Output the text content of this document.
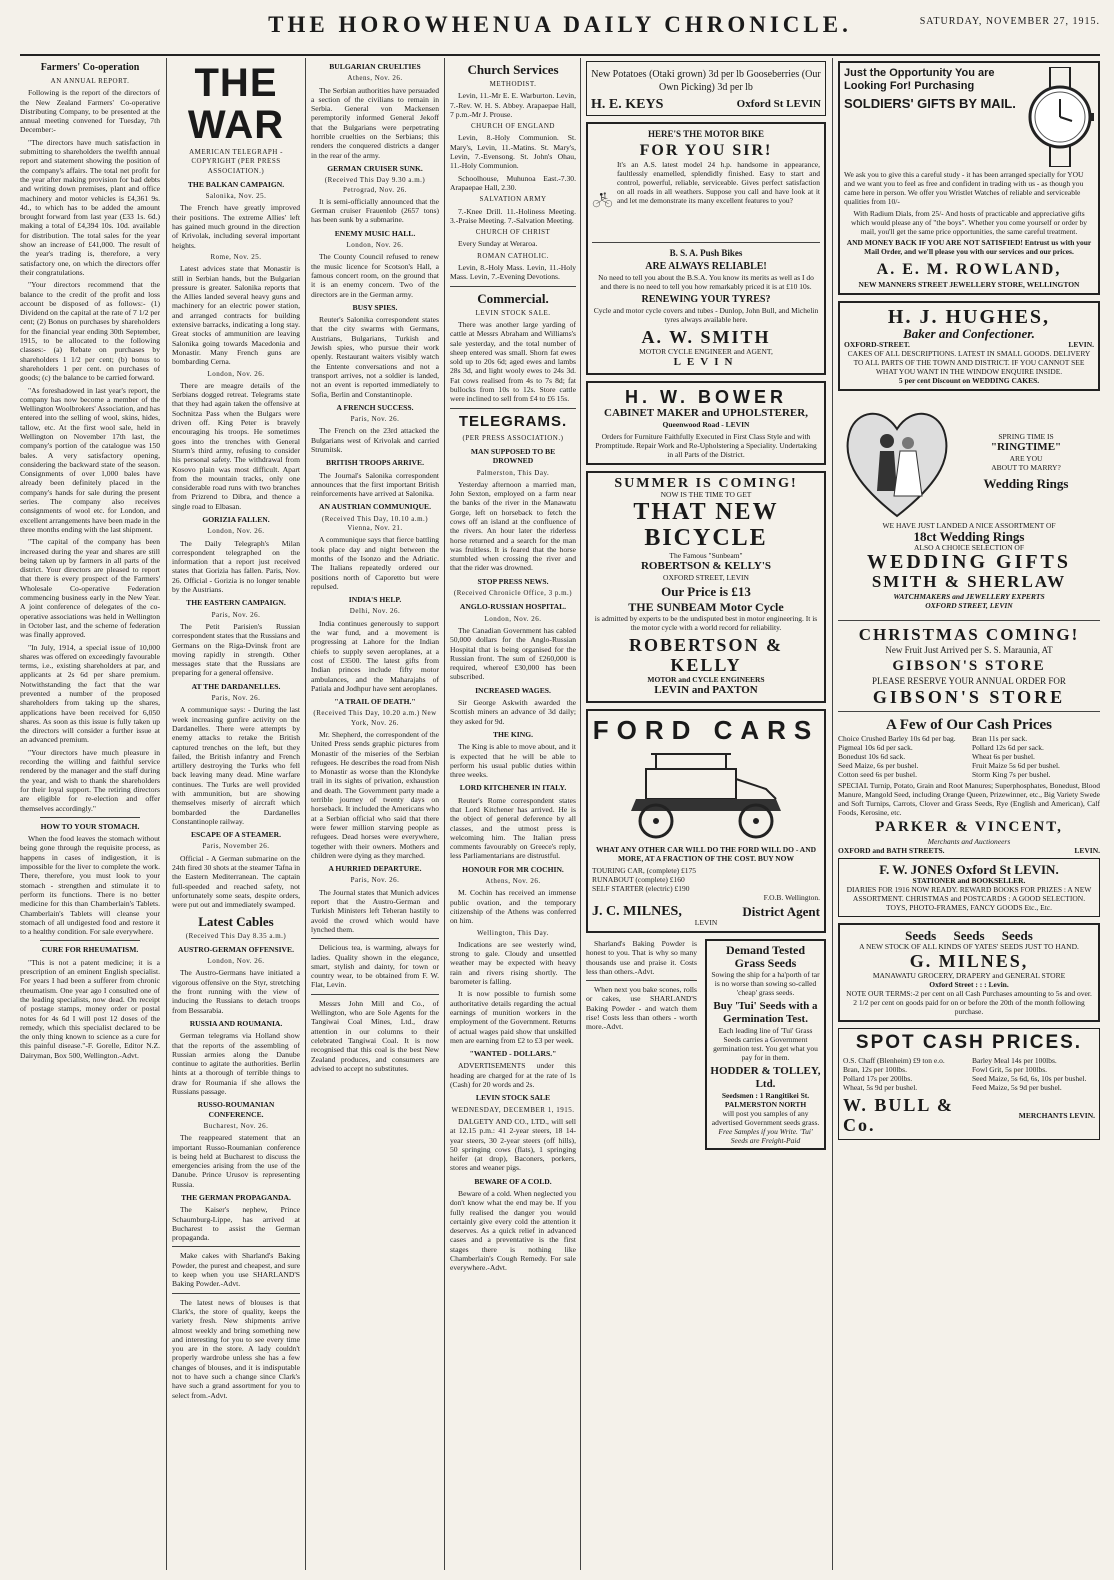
THE HOROWHENUA DAILY CHRONICLE.	SATURDAY, NOVEMBER 27, 1915.
Farmers' Co-operation
AN ANNUAL REPORT.

Following is the report of the directors of the New Zealand Farmers' Co-operative Distributing Company, to be presented at the annual meeting convened for Tuesday, 7th December:-

"The directors have much satisfaction in submitting to shareholders the twelfth annual report and statement showing the position of the company's affairs. The total net profit for the year after making provision for bad debts and writing down premises, plant and office machinery and motor vehicles is £4,361 9s. 4d., to which has to be added the amount brought forward from last year (£33 1s. 6d.) making a total of £4,394 10s. 10d. available for distribution. The total sales for the year show an increase of £41,000. The result of the year's trading is, therefore, a very satisfactory one, on which the directors offer their congratulations.

"Your directors recommend that the balance to the credit of the profit and loss account be disposed of as follows:- (1) Dividend on the capital at the rate of 7 1/2 per cent; (2) Bonus on purchases by shareholders for the financial year ending 30th September, 1915, to be allocated to the following classes:- (a) Rebate on purchases by shareholders 1 1/2 per cent; (b) bonus to shareholders 1 per cent. on purchases of goods; (c) the balance to be carried forward.

"As foreshadowed in last year's report, the company has now become a member of the Wellington Woolbrokers' Association, and has entered into the selling of wool, skins, hides, tallow, etc. At the first wool sale, held in Wellington on November 17th last, the company's portion of the catalogue was 150 bales. A very satisfactory opening, considering the backward state of the season. Consignments of over 1,000 bales have already been definitely placed in the company's hands for sale during the present series. The company also receives consignments of wool etc. for London, and excellent arrangements have been made in the three months ending with the last shipment.

"The capital of the company has been increased during the year and shares are still being taken up by farmers in all parts of the district. Your directors are pleased to report that there is every prospect of the Farmers' Wholesale Co-operative Federation commencing business early in the New Year. A joint conference of delegates of the co-operative associations was held in Wellington in October last, and the scheme of federation was finally approved.

"In July, 1914, a special issue of 10,000 shares was offered on exceedingly favourable terms, i.e., existing shareholders at par, and applicants at 2s 6d per share premium. Notwithstanding the fact that the war prevented a number of the proposed shareholders from taking up the shares, applications have been received for 6,050 shares. As soon as this issue is fully taken up the directors will consider a further issue at an advanced premium.

"Your directors have much pleasure in recording the willing and faithful service rendered by the manager and the staff during the year, and wish to thank the shareholders for their loyal support. The retiring directors are eligible for re-election and offer themselves accordingly."

HOW TO YOUR STOMACH.

When the food leaves the stomach without being gone through the requisite process, as happens in cases of indigestion, it is impossible for the liver to complete the work. There, therefore, you must look to your stomach - strengthen and stimulate it to perform its functions. There is no better medicine for this than Chamberlain's Tablets. Chamberlain's Tablets will cleanse your stomach of all undigested food and restore it to a healthy condition. For sale everywhere.

CURE FOR RHEUMATISM.

"This is not a patent medicine; it is a prescription of an eminent English specialist. For years I had been a sufferer from chronic rheumatism. One year ago I consulted one of the leading specialists, now dead. On receipt of postage stamps, money order or postal notes for 4s 6d I will post 12 doses of the remedy, which this specialist declared to be the only thing known to science as a cure for this painful disease."-F. Gorelle, Editor N.Z. Dairyman, Box 500, Wellington.-Advt.

THE WAR
AMERICAN TELEGRAPH - COPYRIGHT (PER PRESS ASSOCIATION.)
THE BALKAN CAMPAIGN.
Salonika, Nov. 25.

The French have greatly improved their positions. The extreme Allies' left has gained much ground in the direction of Krivolak, including several important heights.

Rome, Nov. 25.

Latest advices state that Monastir is still in Serbian hands, but the Bulgarian pressure is greater. Salonika reports that the Allies landed several heavy guns and machinery for an electric power station, and arranged contracts for building extensive barracks, indicating a long stay. Great stocks of ammunition are leaving Salonika going towards Macedonia and Monastir. Many French guns are bombarding Cerna.

London, Nov. 26.

There are meagre details of the Serbians dogged retreat. Telegrams state that they had again taken the offensive at Sochnitza Pass when the Bulgars were driven off. King Peter is bravely encouraging his troops. He sometimes goes into the trenches with General Sturm's third army, refusing to consider his personal safety. The withdrawal from Kosovo plain was most difficult. Apart from the mountain tracks, only one considerable road runs with two branches from Prizrend to Dibra, and thence a single road to Elbasan.

GORIZIA FALLEN.
London, Nov. 26.

The Daily Telegraph's Milan correspondent telegraphed on the information that a report just received states that Gorizia has fallen. Paris, Nov. 26. Official - Gorizia is no longer tenable by the Austrians.

THE EASTERN CAMPAIGN.
Paris, Nov. 26.

The Petit Parisien's Russian correspondent states that the Russians and Germans on the Riga-Dvinsk front are moving rapidly in strength. Other messages state that the Russians are preparing for a general offensive.

AT THE DARDANELLES.
Paris, Nov. 26.

A communique says: - During the last week increasing gunfire activity on the Dardanelles. There were attempts by enemy attacks to retake the British captured trenches on the left, but they failed, the British infantry and French artillery destroying the Turks who fell back leaving many dead. Mine warfare continues. The Turks are well provided with ammunition, but are showing themselves miserly of aircraft which bombarded the Dardanelles Constantinople railway.

ESCAPE OF A STEAMER.
Paris, November 26.

Official - A German submarine on the 24th fired 30 shots at the steamer Tafna in the Eastern Mediterranean. The captain full-speeded and reached safety, not unfortunately some seats, despite orders, were put out and immediately swamped.

Latest Cables
(Received This Day 8.35 a.m.)
AUSTRO-GERMAN OFFENSIVE.
London, Nov. 26.

The Austro-Germans have initiated a vigorous offensive on the Styr, stretching the front running with the view of inducing the Russians to detach troops from Bessarabia.

RUSSIA AND ROUMANIA.

German telegrams via Holland show that the reports of the assembling of Russian armies along the Danube continue to agitate the authorities. Berlin hints at a thorough of terrible things to draw for Roumania if she allows the Russians passage.

RUSSO-ROUMANIAN CONFERENCE.
Bucharest, Nov. 26.

The reappeared statement that an important Russo-Roumanian conference is being held at Bucharest to discuss the emergencies arising from the use of the Danube. Prince Urusov is representing Russia.

THE GERMAN PROPAGANDA.

The Kaiser's nephew, Prince Schaumburg-Lippe, has arrived at Bucharest to assist the German propaganda.

Make cakes with Sharland's Baking Powder, the purest and cheapest, and sure to keep when you use SHARLAND'S Baking Powder.-Advt.

The latest news of blouses is that Clark's, the store of quality, keeps the variety fresh. New shipments arrive almost weekly and bring something new and interesting for you to see every time you are in the store. A lady couldn't properly wardrobe unless she has a few changes of blouses, and it is indisputable not to have such a change since Clark's have such a grand assortment for you to select from.-Advt.

BULGARIAN CRUELTIES
Athens, Nov. 26.

The Serbian authorities have persuaded a section of the civilians to remain in Serbia. General von Mackensen peremptorily informed General Jekoff that the Bulgarians were perpetrating horrible cruelties on the Serbians; this renders the conquered districts a danger in the rear of the army.

GERMAN CRUISER SUNK.
(Received This Day 9.30 a.m.) Petrograd, Nov. 26.

It is semi-officially announced that the German cruiser Frauenlob (2657 tons) has been sunk by a submarine.

ENEMY MUSIC HALL.
London, Nov. 26.

The County Council refused to renew the music licence for Scotson's Hall, a famous concert room, on the ground that it is an enemy concern. Two of the directors are in the German army.

BUSY SPIES.

Reuter's Salonika correspondent states that the city swarms with Germans, Austrians, Bulgarians, Turkish and Jewish spies, who pursue their work openly. Restaurant waiters visibly watch the Entente conversations and not a transport arrives, not a soldier is landed, not an event is reported immediately to Sofia, Berlin and Constantinople.

A FRENCH SUCCESS.
Paris, Nov. 26.

The French on the 23rd attacked the Bulgarians west of Krivolak and carried Strumitsk.

BRITISH TROOPS ARRIVE.

The Journal's Salonika correspondent announces that the first important British reinforcements have arrived at Salonika.

AN AUSTRIAN COMMUNIQUE.
(Received This Day, 10.10 a.m.) Vienna, Nov. 21.

A communique says that fierce battling took place day and night between the months of the Isonzo and the Adriatic. The Italians repeatedly ordered our positions north of Caporetto but were repulsed.

INDIA'S HELP.
Delhi, Nov. 26.

India continues generously to support the war fund, and a movement is progressing at Lahore for the Indian chiefs to supply seven aeroplanes, at a cost of £3500. The latest gifts from Indian princes include fifty motor ambulances, and the Maharajahs of Patiala and Jodhpur have sent aeroplanes.

"A TRAIL OF DEATH."
(Received This Day, 10.20 a.m.) New York, Nov. 26.

Mr. Shepherd, the correspondent of the United Press sends graphic pictures from Monastir of the miseries of the Serbian refugees. He describes the road from Nish to Monastir as worse than the Klondyke trail in its sights of privation, exhaustion and death. The Government party made a terrible journey of twenty days on horseback. It included the Americans who at a Serbian official who said that there were fewer million starving people as refugees. Dead horses were everywhere, together with their owners. Mothers and children were dying as they marched.

A HURRIED DEPARTURE.
Paris, Nov. 26.

The Journal states that Munich advices report that the Austro-German and Turkish Ministers left Teheran hastily to avoid the crowd which would have lynched them.

Delicious tea, is warming, always for ladies. Quality shown in the elegance, smart, stylish and dainty, for town or country wear, to be obtained from F. W. Flat, Levin.

Messrs John Mill and Co., of Wellington, who are Sole Agents for the Tangiwai Coal Mines, Ltd., draw attention in our columns to their celebrated Tangiwai Coal. It is now recognised that this coal is the best New Zealand produces, and consumers are advised to accept no substitutes.

Church Services
METHODIST.

Levin, 11.-Mr E. E. Warburton. Levin, 7.-Rev. W. H. S. Abbey. Arapaepae Hall, 7 p.m.-Mr J. Prouse.

CHURCH OF ENGLAND

Levin, 8.-Holy Communion. St. Mary's, Levin, 11.-Matins. St. Mary's, Levin, 7.-Evensong. St. John's Ohau, 11.-Holy Communion.

Schoolhouse, Muhunoa East.-7.30. Arapaepae Hall, 2.30.

SALVATION ARMY

7.-Knee Drill. 11.-Holiness Meeting. 3.-Praise Meeting. 7.-Salvation Meeting.

CHURCH OF CHRIST

Every Sunday at Weraroa.

ROMAN CATHOLIC.

Levin, 8.-Holy Mass. Levin, 11.-Holy Mass. Levin, 7.-Evening Devotions.

Commercial.
LEVIN STOCK SALE.

There was another large yarding of cattle at Messrs Abraham and Williams's sale yesterday, and the total number of sheep entered was small. Shorn fat ewes sold up to 20s 6d; aged ewes and lambs 28s 3d, and light wooly ewes to 24s 3d. Fat cows realised from 4s to 7s 8d; fat bullocks from 10s to 12s. Store cattle were inclined to sell from £4 to £6 15s.

TELEGRAMS.
(PER PRESS ASSOCIATION.)
MAN SUPPOSED TO BE DROWNED
Palmerston, This Day.

Yesterday afternoon a married man, John Sexton, employed on a farm near the banks of the river in the Manawatu Gorge, left on horseback to fetch the cows off an island at the confluence of the rivers. An hour later the riderless horse returned and a search for the man was fruitless. It is feared that the horse stumbled when crossing the river and that the rider was drowned.

STOP PRESS NEWS.
(Received Chronicle Office, 3 p.m.)
ANGLO-RUSSIAN HOSPITAL.
London, Nov. 26.

The Canadian Government has cabled 50,000 dollars for the Anglo-Russian Hospital that is being organised for the Russian front. The sum of £260,000 is required, whereof £30,000 has been subscribed.

INCREASED WAGES.

Sir George Askwith awarded the Scottish miners an advance of 3d daily; they asked for 9d.

THE KING.

The King is able to move about, and it is expected that he will be able to perform his usual public duties within three weeks.

LORD KITCHENER IN ITALY.

Reuter's Rome correspondent states that Lord Kitchener has arrived. He is the object of general deference by all classes, and the utmost press is welcoming him. The Italian press comments favourably on Greece's reply, less Parliamentarians are distrustful.

HONOUR FOR MR COCHIN.
Athens, Nov. 26.

M. Cochin has received an immense public ovation, and the temporary citizenship of the Athens was conferred on him.

Wellington, This Day.

Indications are see westerly wind, strong to gale. Cloudy and unsettled weather may be expected with heavy rain and rivers rising shortly. The barometer is falling.

It is now possible to furnish some authoritative details regarding the actual earnings of munition workers in the employment of the Government. Returns of actual wages paid show that unskilled men are earning from £2 to £3 per week.

"WANTED - DOLLARS."

ADVERTISEMENTS under this heading are charged for at the rate of 1s (Cash) for 20 words and 2s.

LEVIN STOCK SALE
WEDNESDAY, DECEMBER 1, 1915.

DALGETY AND CO., LTD., will sell at 12.15 p.m.: 41 2-year steers, 18 14-year steers, 30 2-year steers (off hills), 50 springing cows (flats), 1 springing heifer (at drop), Baconers, porkers, stores and weaner pigs.

BEWARE OF A COLD.

Beware of a cold. When neglected you don't know what the end may be. If you fully realised the danger you would certainly give every cold the attention it deserves. As a quick relief in advanced cases and a preventative is the first stages there is nothing like Chamberlain's Cough Remedy. For sale everywhere.-Advt.

New Potatoes (Otaki grown) 3d per lb Gooseberries (Our Own Picking) 3d per lb
H. E. KEYS	Oxford St LEVIN
HERE'S THE MOTOR BIKE
FOR YOU SIR!
It's an A.S. latest model 24 h.p. handsome in appearance, faultlessly enamelled, splendidly finished. Easy to start and control, powerful, reliable, serviceable. Gives perfect satisfaction on all roads in all weathers. Suppose you call and have look at it and let me demonstrate its many excellent features to you?
B. S. A. Push Bikes
ARE ALWAYS RELIABLE!
No need to tell you about the B.S.A. You know its merits as well as I do and there is no need to tell you how remarkably priced it is at £10 10s.
RENEWING YOUR TYRES?
Cycle and motor cycle covers and tubes - Dunlop, John Bull, and Michelin tyres always available here.
A. W. SMITH
MOTOR CYCLE ENGINEER and AGENT,
LEVIN
H. W. BOWER
CABINET MAKER and UPHOLSTERER,
Queenwood Road - LEVIN
Orders for Furniture Faithfully Executed in First Class Style and with Promptitude. Repair Work and Re-Upholstering a Speciality. Undertaking in all Parts of the District.
SUMMER IS COMING!
NOW IS THE TIME TO GET
THAT NEW BICYCLE
The Famous "Sunbeam"
ROBERTSON & KELLY'S
OXFORD STREET, LEVIN
Our Price is £13
THE SUNBEAM Motor Cycle
is admitted by experts to be the undisputed best in motor engineering. It is the motor cycle with a world record for reliability.
ROBERTSON & KELLY
MOTOR and CYCLE ENGINEERS
LEVIN and PAXTON
FORD CARS
WHAT ANY OTHER CAR WILL DO THE FORD WILL DO - AND MORE, AT A FRACTION OF THE COST. BUY NOW
TOURING CAR, (complete) £175
RUNABOUT (complete) £160
SELF STARTER (electric) £190
F.O.B. Wellington.
J. C. MILNES,	District Agent
LEVIN

Sharland's Baking Powder is honest to you. That is why so many thousands use and praise it. Costs less than others.-Advt.

When next you bake scones, rolls or cakes, use SHARLAND'S Baking Powder - and watch them rise! Costs less than others - worth more.-Advt.

Demand Tested Grass Seeds
Sowing the ship for a ha'porth of tar is no worse than sowing so-called 'cheap' grass seeds.
Buy 'Tui' Seeds with a Germination Test.
Each leading line of 'Tui' Grass Seeds carries a Government germination test. You get what you pay for in them.
HODDER & TOLLEY, Ltd.
Seedsmen : 1 Rangitikei St. PALMERSTON NORTH
will post you samples of any advertised Government seeds grass.
Free Samples if you Write. 'Tui' Seeds are Freight-Paid
Just the Opportunity You are Looking For! Purchasing
SOLDIERS' GIFTS BY MAIL.
We ask you to give this a careful study - it has been arranged specially for YOU and we want you to feel as free and confident in trading with us - as though you came here in person. We offer you Wristlet Watches of reliable and serviceable qualities from 10/-
With Radium Dials, from 25/- And hosts of practicable and appreciative gifts which would please any of "the boys". Whether you come yourself or order by mail, you'll get the same price opportunities, the same careful treatment.
AND MONEY BACK IF YOU ARE NOT SATISFIED! Entrust us with your Mail Order, and we'll please you with our services and our prices.
A. E. M. ROWLAND,
NEW MANNERS STREET JEWELLERY STORE, WELLINGTON
H. J. HUGHES,
Baker and Confectioner.
OXFORD-STREET.	LEVIN.
CAKES OF ALL DESCRIPTIONS. LATEST IN SMALL GOODS. DELIVERY TO ALL PARTS OF THE TOWN AND DISTRICT. IF YOU CANNOT SEE WHAT YOU WANT IN THE WINDOW ENQUIRE INSIDE.
5 per cent Discount on WEDDING CAKES.
SPRING TIME IS
"RINGTIME"
ARE YOU
ABOUT TO MARRY?
Wedding Rings
WE HAVE JUST LANDED A NICE ASSORTMENT OF
18ct Wedding Rings
ALSO A CHOICE SELECTION OF
WEDDING GIFTS
SMITH & SHERLAW
WATCHMAKERS and JEWELLERY EXPERTS
OXFORD STREET, LEVIN
CHRISTMAS COMING!
New Fruit Just Arrived per S. S. Maraunia, AT
GIBSON'S STORE
PLEASE RESERVE YOUR ANNUAL ORDER FOR
GIBSON'S STORE
A Few of Our Cash Prices
Choice Crushed Barley 10s 6d per bag.
Pigmeal 10s 6d per sack.
Bonedust 10s 6d sack.
Seed Maize, 6s per bushel.
Cotton seed 6s per bushel.
Bran 11s per sack.
Pollard 12s 6d per sack.
Wheat 6s per bushel.
Fruit Maize 5s 6d per bushel.
Storm King 7s per bushel.
SPECIAL Turnip, Potato, Grain and Root Manures; Superphosphates, Bonedust, Blood Manure, Mangold Seed, including Orange Queen, Prizewinner, etc., Big Variety Swede and Soft Turnips, Carrots, Clover and Grass Seeds, Rye (English and American), Calf Foods, Kerosine, etc.
PARKER & VINCENT,
Merchants and Auctioneers
OXFORD and BATH STREETS.	LEVIN.
F. W. JONES Oxford St LEVIN.
STATIONER and BOOKSELLER.
DIARIES FOR 1916 NOW READY. REWARD BOOKS FOR PRIZES : A NEW ASSORTMENT. CHRISTMAS and POSTCARDS : A GOOD SELECTION. TOYS, PHOTO-FRAMES, FANCY GOODS Etc., Etc.
Seeds Seeds Seeds
A NEW STOCK OF ALL KINDS OF YATES' SEEDS JUST TO HAND.
G. MILNES,
MANAWATU GROCERY, DRAPERY and GENERAL STORE
Oxford Street : : : Levin.
NOTE OUR TERMS:-2 per cent on all Cash Purchases amounting to 5s and over. 2 1/2 per cent on goods paid for on or before the 20th of the month following purchase.
SPOT CASH PRICES.
O.S. Chaff (Blenheim) £9 ton e.o.
Bran, 12s per 100lbs.
Pollard 17s per 200lbs.
Wheat, 5s 9d per bushel.
Barley Meal 14s per 100lbs.
Fowl Grit, 5s per 100lbs.
Seed Maize, 5s 6d, 6s, 10s per bushel.
Feed Maize, 5s 9d per bushel.
W. BULL & Co.	MERCHANTS LEVIN.
